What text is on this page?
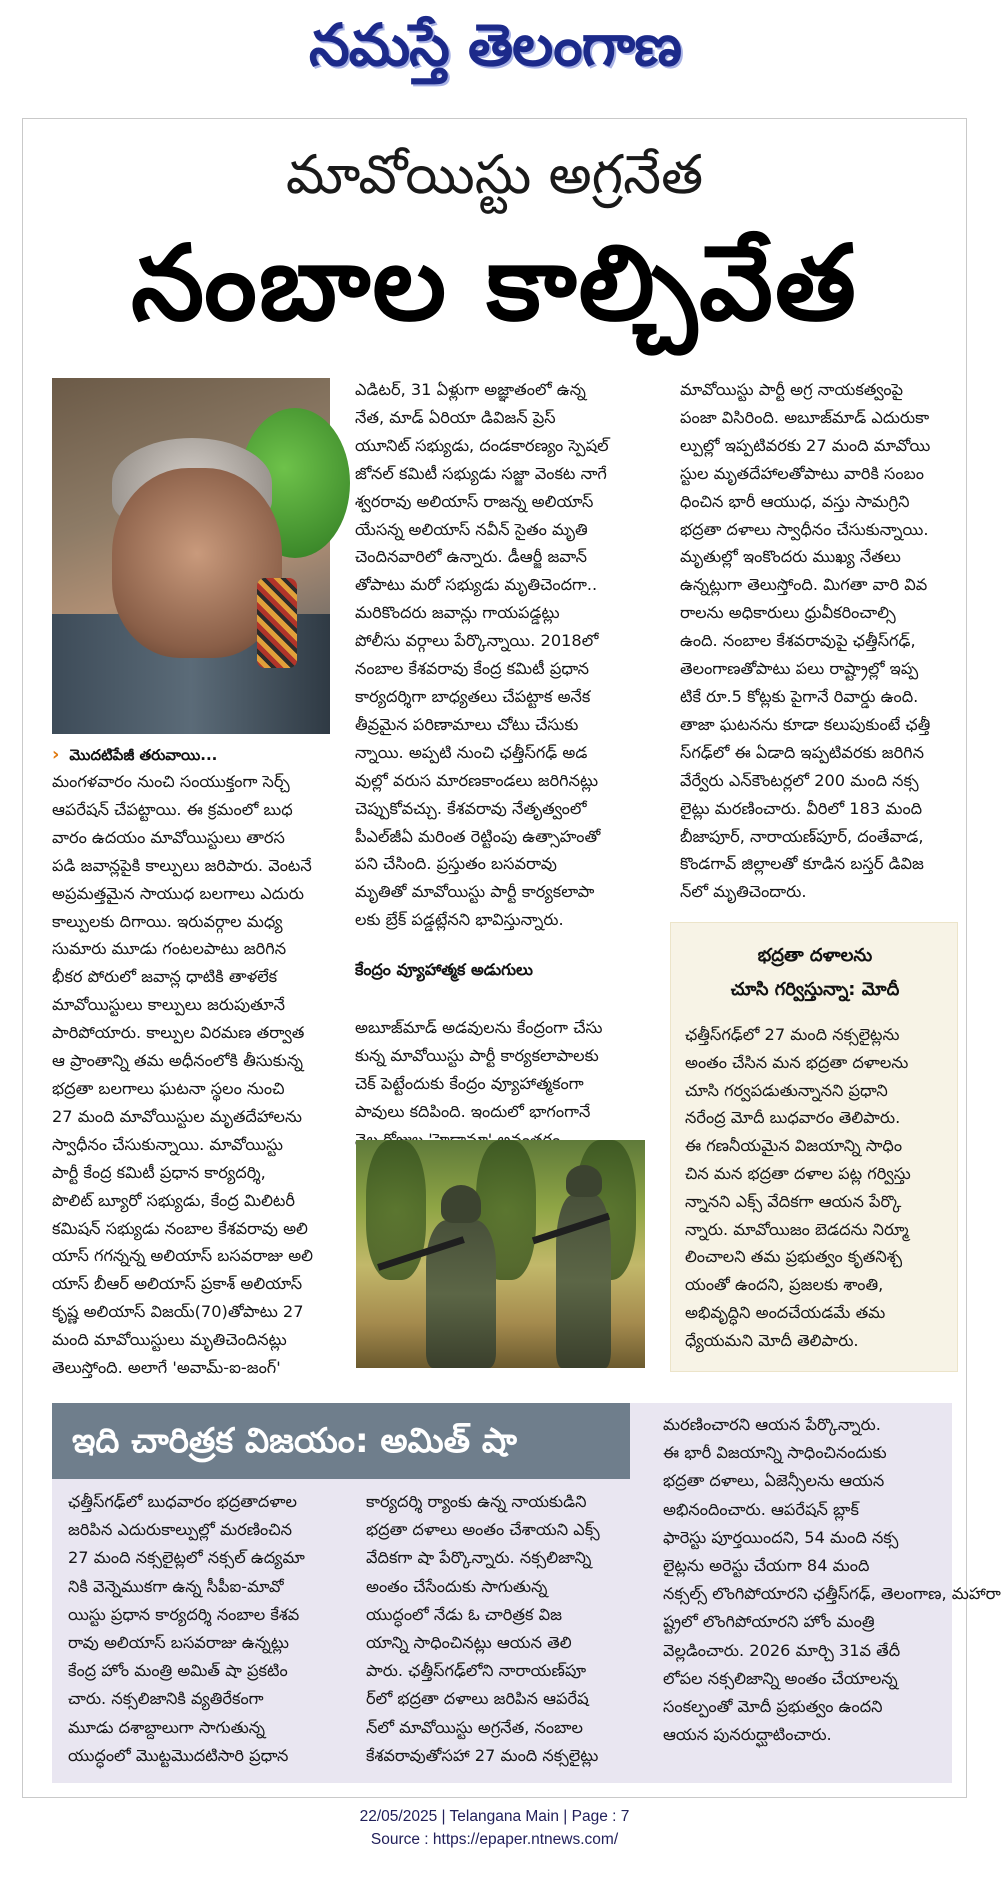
నమస్తే తెలంగాణ
మావోయిస్టు అగ్రనేత
నంబాల కాల్చివేత
› మొదటిపేజీ తరువాయి...

మంగళవారం నుంచి సంయుక్తంగా సెర్చ్

ఆపరేషన్ చేపట్టాయి. ఈ క్రమంలో బుధ

వారం ఉదయం మావోయిస్టులు తారస

పడి జవాన్లపైకి కాల్పులు జరిపారు. వెంటనే

అప్రమత్తమైన సాయుధ బలగాలు ఎదురు

కాల్పులకు దిగాయి. ఇరువర్గాల మధ్య

సుమారు మూడు గంటలపాటు జరిగిన

భీకర పోరులో జవాన్ల ధాటికి తాళలేక

మావోయిస్టులు కాల్పులు జరుపుతూనే

పారిపోయారు. కాల్పుల విరమణ తర్వాత

ఆ ప్రాంతాన్ని తమ అధీనంలోకి తీసుకున్న

భద్రతా బలగాలు ఘటనా స్థలం నుంచి

27 మంది మావోయిస్టుల మృతదేహాలను

స్వాధీనం చేసుకున్నాయి. మావోయిస్టు

పార్టీ కేంద్ర కమిటీ ప్రధాన కార్యదర్శి,

పొలిట్ బ్యూరో సభ్యుడు, కేంద్ర మిలిటరీ

కమిషన్ సభ్యుడు నంబాల కేశవరావు అలి

యాస్ గగన్నన్న అలియాస్ బసవరాజు అలి

యాస్ బీఆర్ అలియాస్ ప్రకాశ్ అలియాస్

కృష్ణ అలియాస్ విజయ్(70)తోపాటు 27

మంది మావోయిస్టులు మృతిచెందినట్లు

తెలుస్తోంది. అలాగే 'అవామ్-ఐ-జంగ్'

ఎడిటర్, 31 ఏళ్లుగా అజ్ఞాతంలో ఉన్న

నేత, మాడ్ ఏరియా డివిజన్ ప్రెస్

యూనిట్ సభ్యుడు, దండకారణ్యం స్పెషల్

జోనల్ కమిటీ సభ్యుడు సజ్జా వెంకట నాగే

శ్వరరావు అలియాస్ రాజన్న అలియాస్

యేసన్న అలియాస్ నవీన్ సైతం మృతి

చెందినవారిలో ఉన్నారు. డీఆర్జీ జవాన్

తోపాటు మరో సభ్యుడు మృతిచెందగా..

మరికొందరు జవాన్లు గాయపడ్డట్లు

పోలీసు వర్గాలు పేర్కొన్నాయి. 2018లో

నంబాల కేశవరావు కేంద్ర కమిటీ ప్రధాన

కార్యదర్శిగా బాధ్యతలు చేపట్టాక అనేక

తీవ్రమైన పరిణామాలు చోటు చేసుకు

న్నాయి. అప్పటి నుంచి ఛత్తీస్‌గఢ్ అడ

వుల్లో వరుస మారణకాండలు జరిగినట్లు

చెప్పుకోవచ్చు. కేశవరావు నేతృత్వంలో

పీఎల్‌జీఏ మరింత రెట్టింపు ఉత్సాహంతో

పని చేసింది. ప్రస్తుతం బసవరావు

మృతితో మావోయిస్టు పార్టీ కార్యకలాపా

లకు బ్రేక్ పడ్డట్లేనని భావిస్తున్నారు.

కేంద్రం వ్యూహాత్మక అడుగులు

అబూజ్‌మాడ్ అడవులను కేంద్రంగా చేసు

కున్న మావోయిస్టు పార్టీ కార్యకలాపాలకు

చెక్ పెట్టేందుకు కేంద్రం వ్యూహాత్మకంగా

పావులు కదిపింది. ఇందులో భాగంగానే

మావోయిస్టు పార్టీ అగ్ర నాయకత్వంపై

పంజా విసిరింది. అబూజ్‌మాడ్ ఎదురుకా

ల్పుల్లో ఇప్పటివరకు 27 మంది మావోయి

స్టుల మృతదేహాలతోపాటు వారికి సంబం

ధించిన భారీ ఆయుధ, వస్తు సామగ్రిని

భద్రతా దళాలు స్వాధీనం చేసుకున్నాయి.

మృతుల్లో ఇంకొందరు ముఖ్య నేతలు

ఉన్నట్లుగా తెలుస్తోంది. మిగతా వారి వివ

రాలను అధికారులు ధ్రువీకరించాల్సి

ఉంది. నంబాల కేశవరావుపై ఛత్తీస్‌గఢ్,

తెలంగాణతోపాటు పలు రాష్ట్రాల్లో ఇప్ప

టికే రూ.5 కోట్లకు పైగానే రివార్డు ఉంది.

తాజా ఘటనను కూడా కలుపుకుంటే ఛత్తీ

స్‌గఢ్‌లో ఈ ఏడాది ఇప్పటివరకు జరిగిన

వేర్వేరు ఎన్‌కౌంటర్లలో 200 మంది నక్స

లైట్లు మరణించారు. వీరిలో 183 మంది

బీజాపూర్, నారాయణ్‌పూర్, దంతేవాడ,

కొండగావ్ జిల్లాలతో కూడిన బస్తర్ డివిజ

న్‌లో మృతిచెందారు.

భద్రతా దళాలను
చూసి గర్విస్తున్నా: మోదీ

ఛత్తీస్‌గఢ్‌లో 27 మంది నక్సలైట్లను

అంతం చేసిన మన భద్రతా దళాలను

చూసి గర్వపడుతున్నానని ప్రధాని

నరేంద్ర మోదీ బుధవారం తెలిపారు.

ఈ గణనీయమైన విజయాన్ని సాధిం

చిన మన భద్రతా దళాల పట్ల గర్విస్తు

న్నానని ఎక్స్ వేదికగా ఆయన పేర్కొ

న్నారు. మావోయిజం బెడదను నిర్మూ

లించాలని తమ ప్రభుత్వం కృతనిశ్చ

యంతో ఉందని, ప్రజలకు శాంతి,

అభివృద్ధిని అందచేయడమే తమ

ధ్యేయమని మోదీ తెలిపారు.

ఇది చారిత్రక విజయం: అమిత్ షా

ఛత్తీస్‌గఢ్‌లో బుధవారం భద్రతాదళాల

జరిపిన ఎదురుకాల్పుల్లో మరణించిన

27 మంది నక్సలైట్లలో నక్సల్ ఉద్యమా

నికి వెన్నెముకగా ఉన్న సీపీఐ-మావో

యిస్టు ప్రధాన కార్యదర్శి నంబాల కేశవ

రావు అలియాస్ బసవరాజు ఉన్నట్లు

కేంద్ర హోం మంత్రి అమిత్ షా ప్రకటిం

చారు. నక్సలిజానికి వ్యతిరేకంగా

మూడు దశాబ్దాలుగా సాగుతున్న

యుద్ధంలో మొట్టమొదటిసారి ప్రధాన

కార్యదర్శి ర్యాంకు ఉన్న నాయకుడిని

భద్రతా దళాలు అంతం చేశాయని ఎక్స్

వేదికగా షా పేర్కొన్నారు. నక్సలిజాన్ని

అంతం చేసేందుకు సాగుతున్న

యుద్ధంలో నేడు ఓ చారిత్రక విజ

యాన్ని సాధించినట్లు ఆయన తెలి

పారు. ఛత్తీస్‌గఢ్‌లోని నారాయణ్‌పూ

ర్‌లో భద్రతా దళాలు జరిపిన ఆపరేష

న్‌లో మావోయిస్టు అగ్రనేత, నంబాల

కేశవరావుతోసహా 27 మంది నక్సలైట్లు

మరణించారని ఆయన పేర్కొన్నారు.

ఈ భారీ విజయాన్ని సాధించినందుకు

భద్రతా దళాలు, ఏజెన్సీలను ఆయన

అభినందించారు. ఆపరేషన్ బ్లాక్

ఫారెస్టు పూర్తయిందని, 54 మంది నక్స

లైట్లను అరెస్టు చేయగా 84 మంది

నక్సల్స్ లొంగిపోయారని ఛత్తీస్‌గఢ్, తెలంగాణ, మహారా

ష్ట్రలో లొంగిపోయారని హోం మంత్రి

వెల్లడించారు. 2026 మార్చి 31వ తేదీ

లోపల నక్సలిజాన్ని అంతం చేయాలన్న

సంకల్పంతో మోదీ ప్రభుత్వం ఉందని

ఆయన పునరుద్ఘాటించారు.

22/05/2025 | Telangana Main | Page : 7
Source : https://epaper.ntnews.com/
